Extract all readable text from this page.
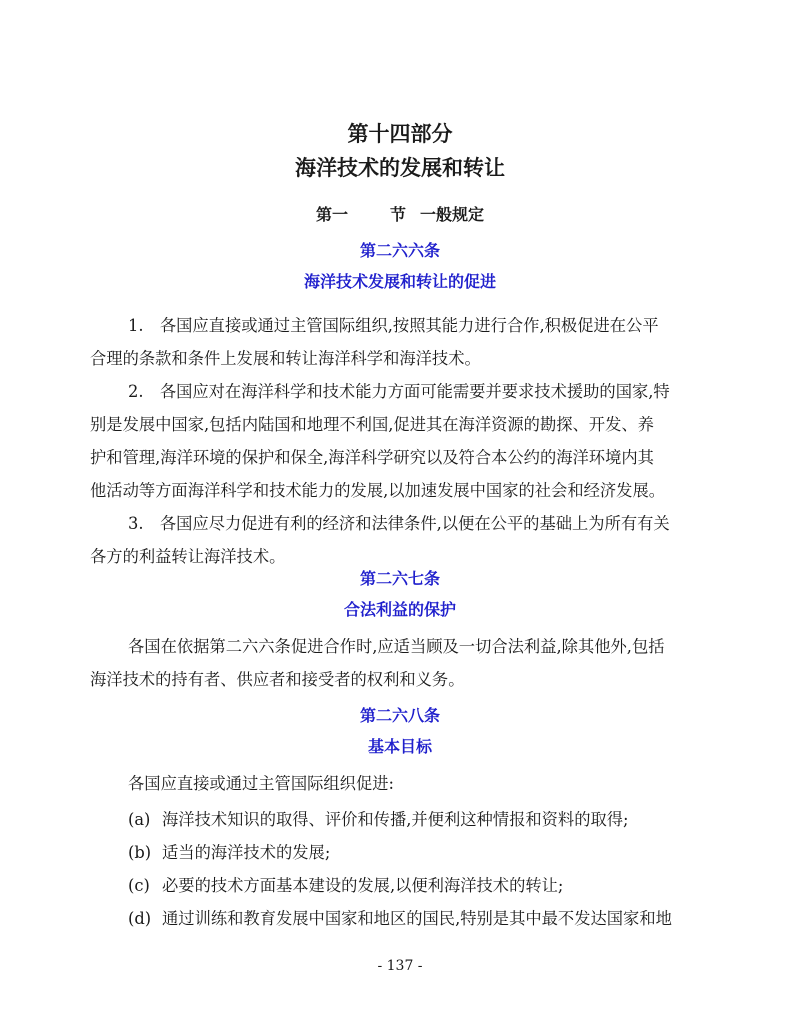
第十四部分
海洋技术的发展和转让
第一	节 一般规定
第二六六条
海洋技术发展和转让的促进
1.　各国应直接或通过主管国际组织,按照其能力进行合作,积极促进在公平
合理的条款和条件上发展和转让海洋科学和海洋技术。
2.　各国应对在海洋科学和技术能力方面可能需要并要求技术援助的国家,特
别是发展中国家,包括内陆国和地理不利国,促进其在海洋资源的勘探、开发、养
护和管理,海洋环境的保护和保全,海洋科学研究以及符合本公约的海洋环境内其
他活动等方面海洋科学和技术能力的发展,以加速发展中国家的社会和经济发展。
3.　各国应尽力促进有利的经济和法律条件,以便在公平的基础上为所有有关
各方的利益转让海洋技术。
第二六七条
合法利益的保护
各国在依据第二六六条促进合作时,应适当顾及一切合法利益,除其他外,包括
海洋技术的持有者、供应者和接受者的权利和义务。
第二六八条
基本目标
各国应直接或通过主管国际组织促进:
(a) 海洋技术知识的取得、评价和传播,并便利这种情报和资料的取得;
(b) 适当的海洋技术的发展;
(c) 必要的技术方面基本建设的发展,以便利海洋技术的转让;
(d) 通过训练和教育发展中国家和地区的国民,特别是其中最不发达国家和地
- 137 -
